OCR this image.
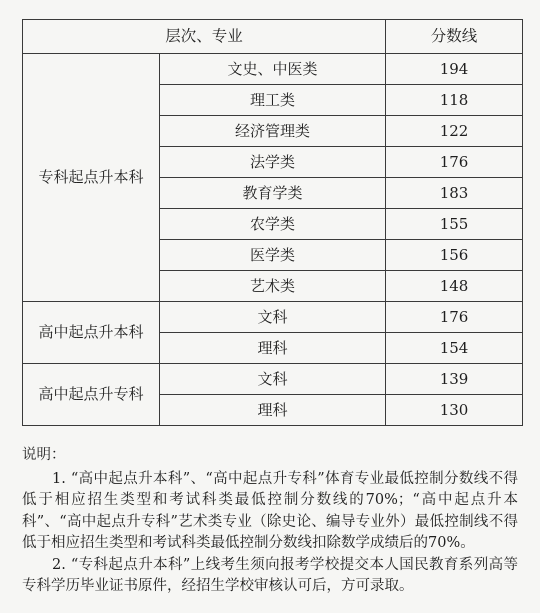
层次、专业		分数线
专科起点升本科	文史、中医类	194
	理工类	118
	经济管理类	122
	法学类	176
	教育学类	183
	农学类	155
	医学类	156
	艺术类	148
高中起点升本科	文科	176
	理科	154
高中起点升专科	文科	139
	理科	130

说明：

1. “高中起点升本科”、“高中起点升专科”体育专业最低控制分数线不得低于相应招生类型和考试科类最低控制分数线的70%；“高中起点升本科”、“高中起点升专科”艺术类专业（除史论、编导专业外）最低控制线不得低于相应招生类型和考试科类最低控制分数线扣除数学成绩后的70%。

2. “专科起点升本科”上线考生须向报考学校提交本人国民教育系列高等专科学历毕业证书原件，经招生学校审核认可后，方可录取。
